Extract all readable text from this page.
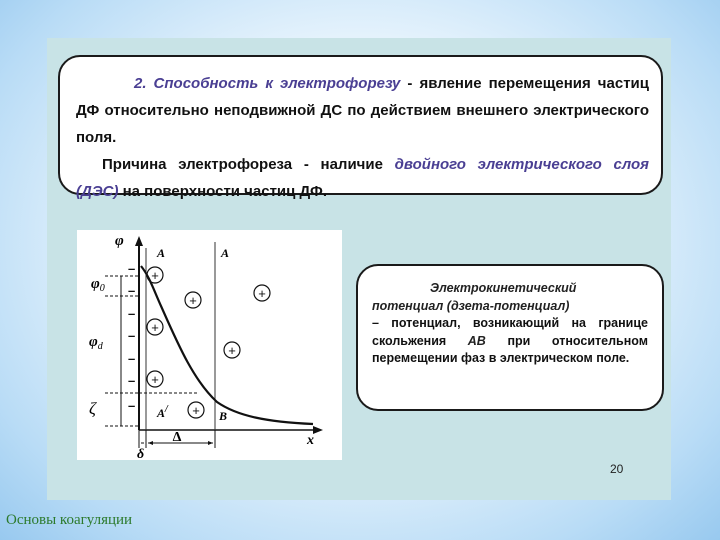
2. Способность к электрофорезу - явление перемещения частиц ДФ относительно неподвижной ДС по действием внешнего электрического поля.

Причина электрофореза - наличие двойного электрического слоя (ДЭС) на поверхности частиц ДФ.

φ
x
A	A
$\varphi_0$
$\varphi_d$
ζ
–
–
–
–
–
–
–
+
+
+
+
+
+
+
A/	B
Δ
δ

Электрокинетический потенциал (дзета-потенциал)

– потенциал, возникающий на границе скольжения АВ при относительном перемещении фаз в электрическом поле.

20
Основы коагуляции
